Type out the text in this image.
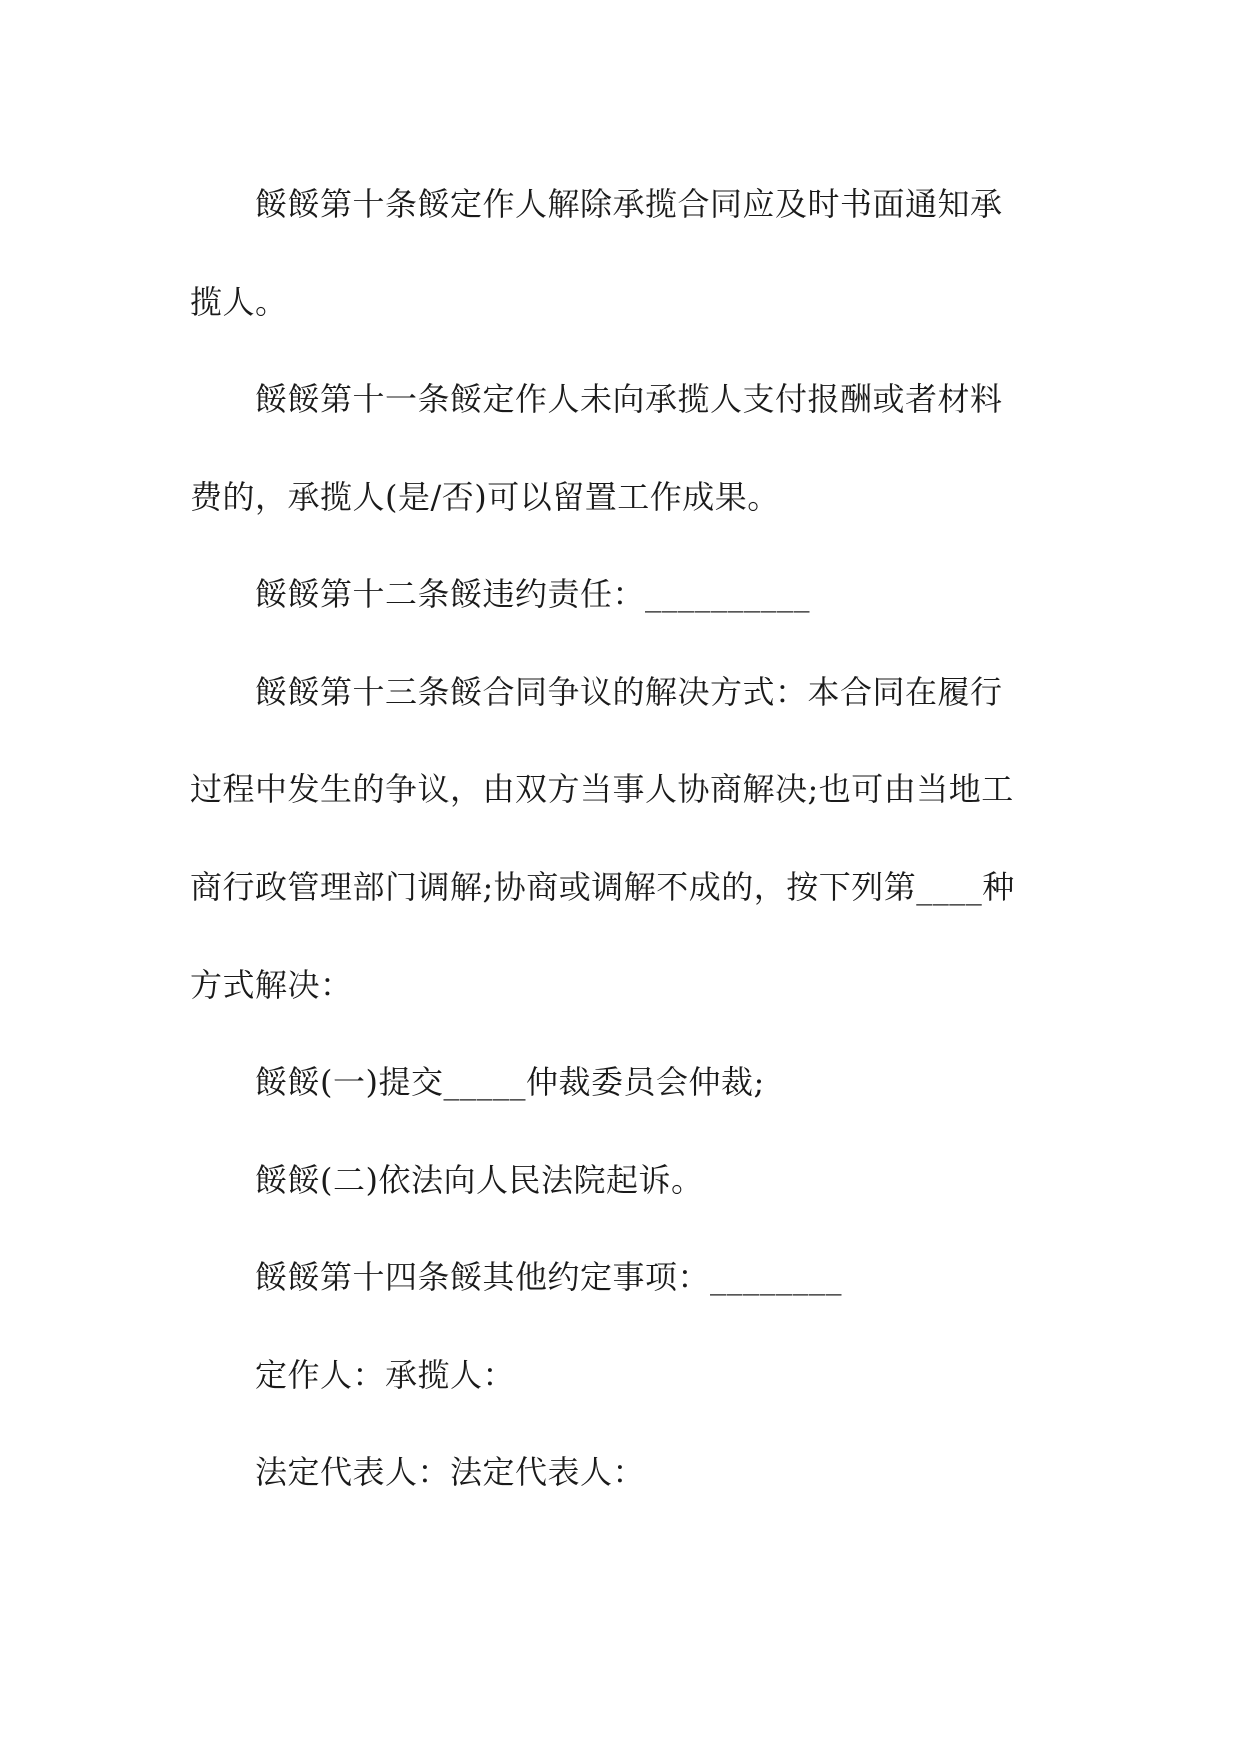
餒餒第十条餒定作人解除承揽合同应及时书面通知承
揽人。
餒餒第十一条餒定作人未向承揽人支付报酬或者材料
费的，承揽人(是/否)可以留置工作成果。
餒餒第十二条餒违约责任：__________
餒餒第十三条餒合同争议的解决方式：本合同在履行
过程中发生的争议，由双方当事人协商解决;也可由当地工
商行政管理部门调解;协商或调解不成的，按下列第____种
方式解决：
餒餒(一)提交_____仲裁委员会仲裁;
餒餒(二)依法向人民法院起诉。
餒餒第十四条餒其他约定事项：________
定作人：承揽人：
法定代表人：法定代表人：
